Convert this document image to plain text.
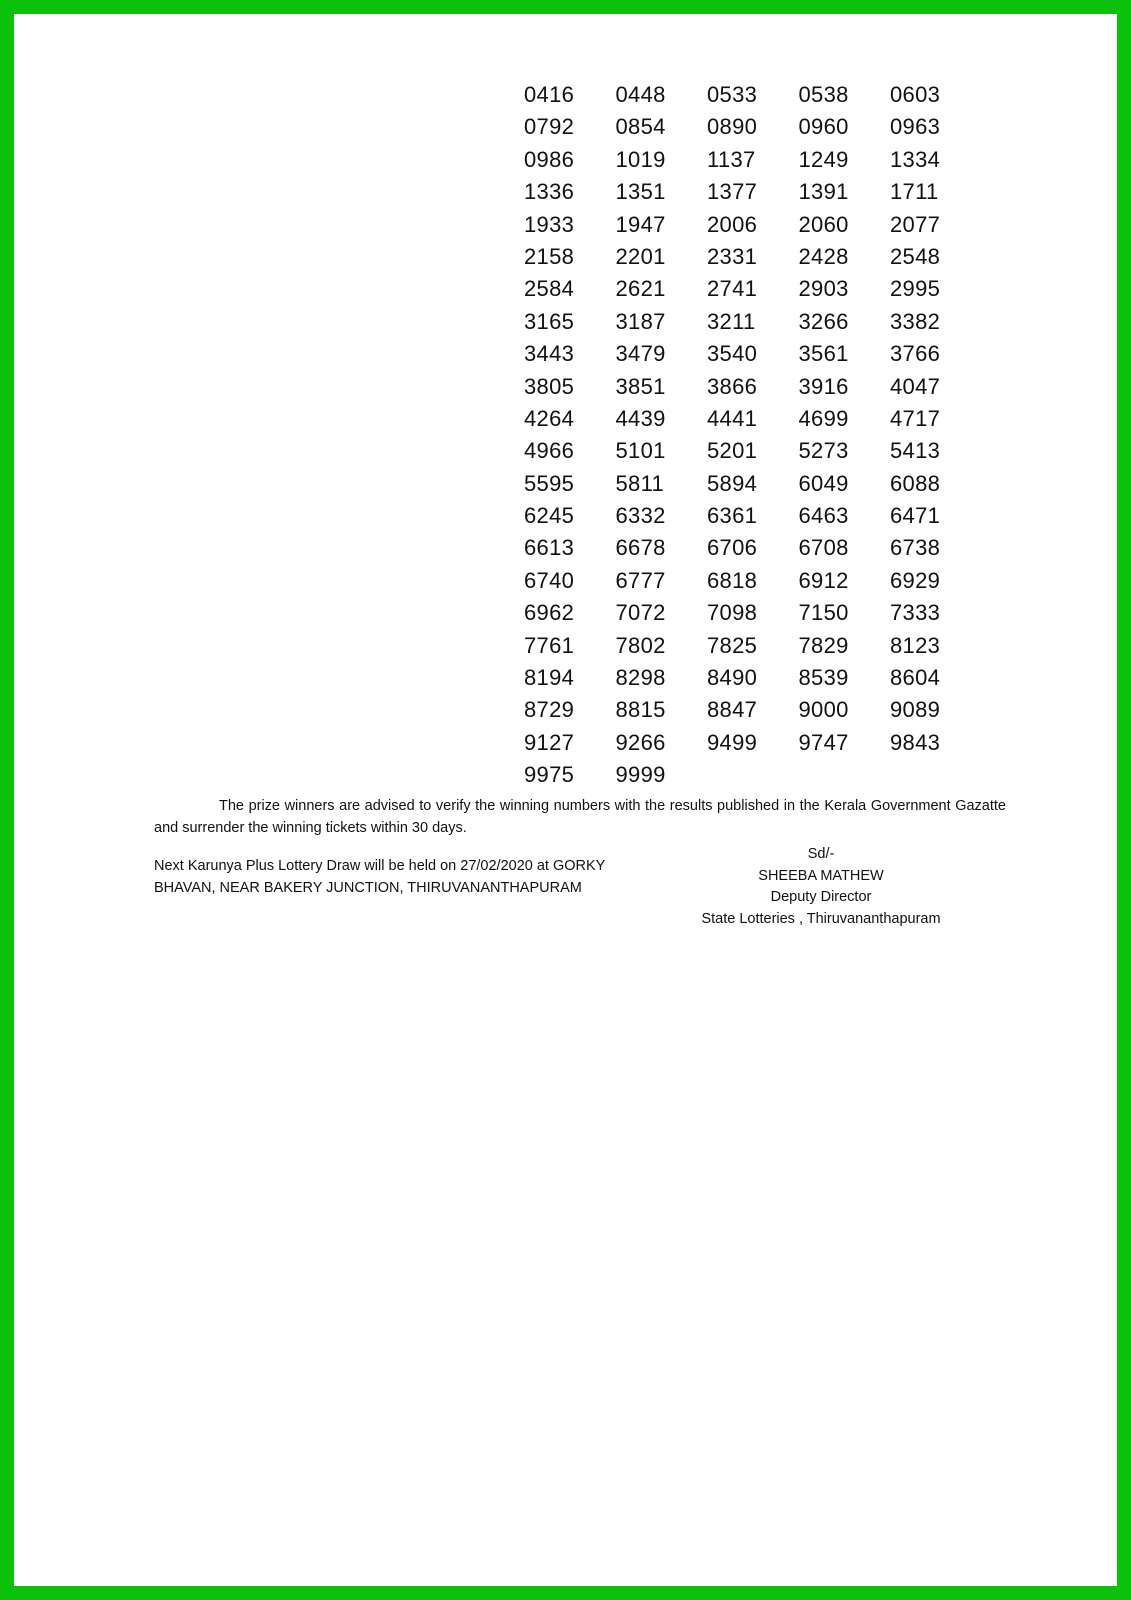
0416	0448	0533	0538	0603
0792	0854	0890	0960	0963
0986	1019	1137	1249	1334
1336	1351	1377	1391	1711
1933	1947	2006	2060	2077
2158	2201	2331	2428	2548
2584	2621	2741	2903	2995
3165	3187	3211	3266	3382
3443	3479	3540	3561	3766
3805	3851	3866	3916	4047
4264	4439	4441	4699	4717
4966	5101	5201	5273	5413
5595	5811	5894	6049	6088
6245	6332	6361	6463	6471
6613	6678	6706	6708	6738
6740	6777	6818	6912	6929
6962	7072	7098	7150	7333
7761	7802	7825	7829	8123
8194	8298	8490	8539	8604
8729	8815	8847	9000	9089
9127	9266	9499	9747	9843
9975	9999

The prize winners are advised to verify the winning numbers with the results published in the Kerala Government Gazatte and surrender the winning tickets within 30 days.

Next Karunya Plus Lottery Draw will be held on 27/02/2020 at GORKY
BHAVAN, NEAR BAKERY JUNCTION, THIRUVANANTHAPURAM
Sd/-
SHEEBA MATHEW
Deputy Director
State Lotteries , Thiruvananthapuram
